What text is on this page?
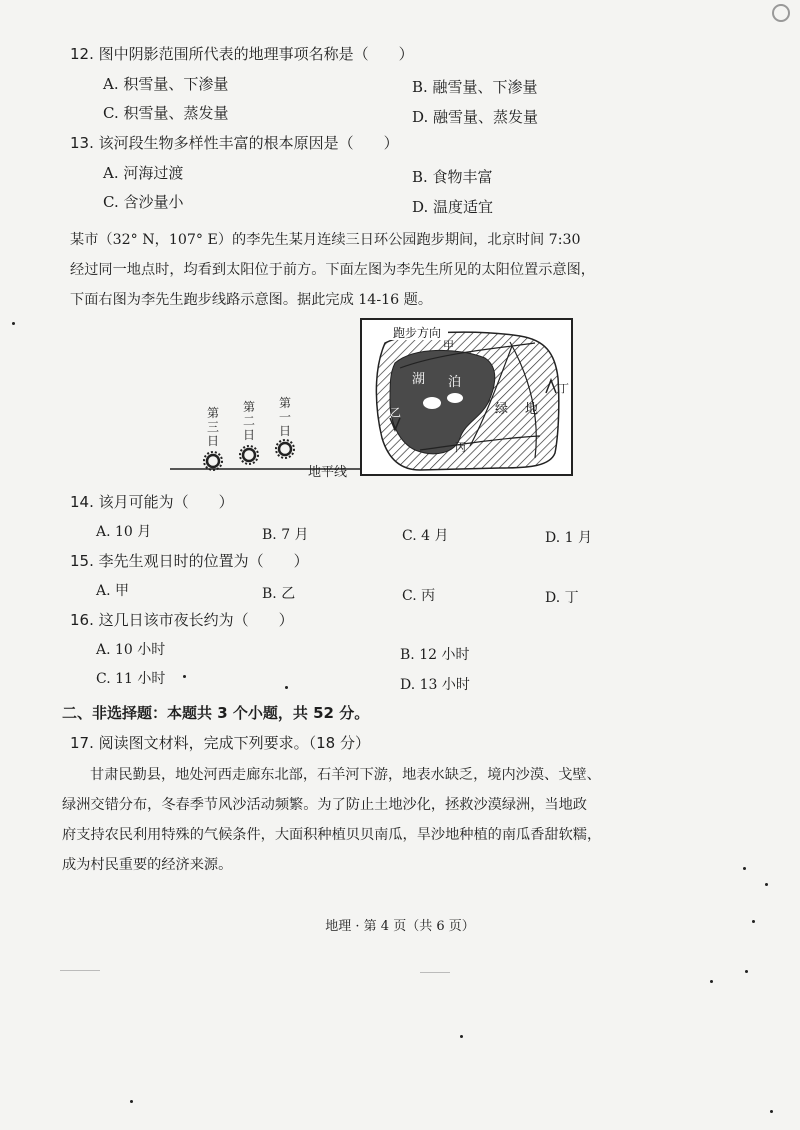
12. 图中阴影范围所代表的地理事项名称是（　　）
A. 积雪量、下渗量	B. 融雪量、下渗量
C. 积雪量、蒸发量	D. 融雪量、蒸发量
13. 该河段生物多样性丰富的根本原因是（　　）
A. 河海过渡	B. 食物丰富
C. 含沙量小	D. 温度适宜
某市（32° N，107° E）的李先生某月连续三日环公园跑步期间，北京时间 7:30
经过同一地点时，均看到太阳位于前方。下面左图为李先生所见的太阳位置示意图，
下面右图为李先生跑步线路示意图。据此完成 14-16 题。
第
三
日
第
二
日
第
一
日
地平线
跑步方向
甲
乙
丙
丁
湖 泊
绿 地
14. 该月可能为（　　）
A. 10 月	B. 7 月	C. 4 月	D. 1 月
15. 李先生观日时的位置为（　　）
A. 甲	B. 乙	C. 丙	D. 丁
16. 这几日该市夜长约为（　　）
A. 10 小时	B. 12 小时
C. 11 小时	D. 13 小时
二、非选择题：本题共 3 个小题，共 52 分。
17. 阅读图文材料，完成下列要求。（18 分）
甘肃民勤县，地处河西走廊东北部，石羊河下游，地表水缺乏，境内沙漠、戈壁、
绿洲交错分布，冬春季节风沙活动频繁。为了防止土地沙化，拯救沙漠绿洲，当地政
府支持农民利用特殊的气候条件，大面积种植贝贝南瓜，旱沙地种植的南瓜香甜软糯，
成为村民重要的经济来源。
地理 · 第 4 页（共 6 页）
